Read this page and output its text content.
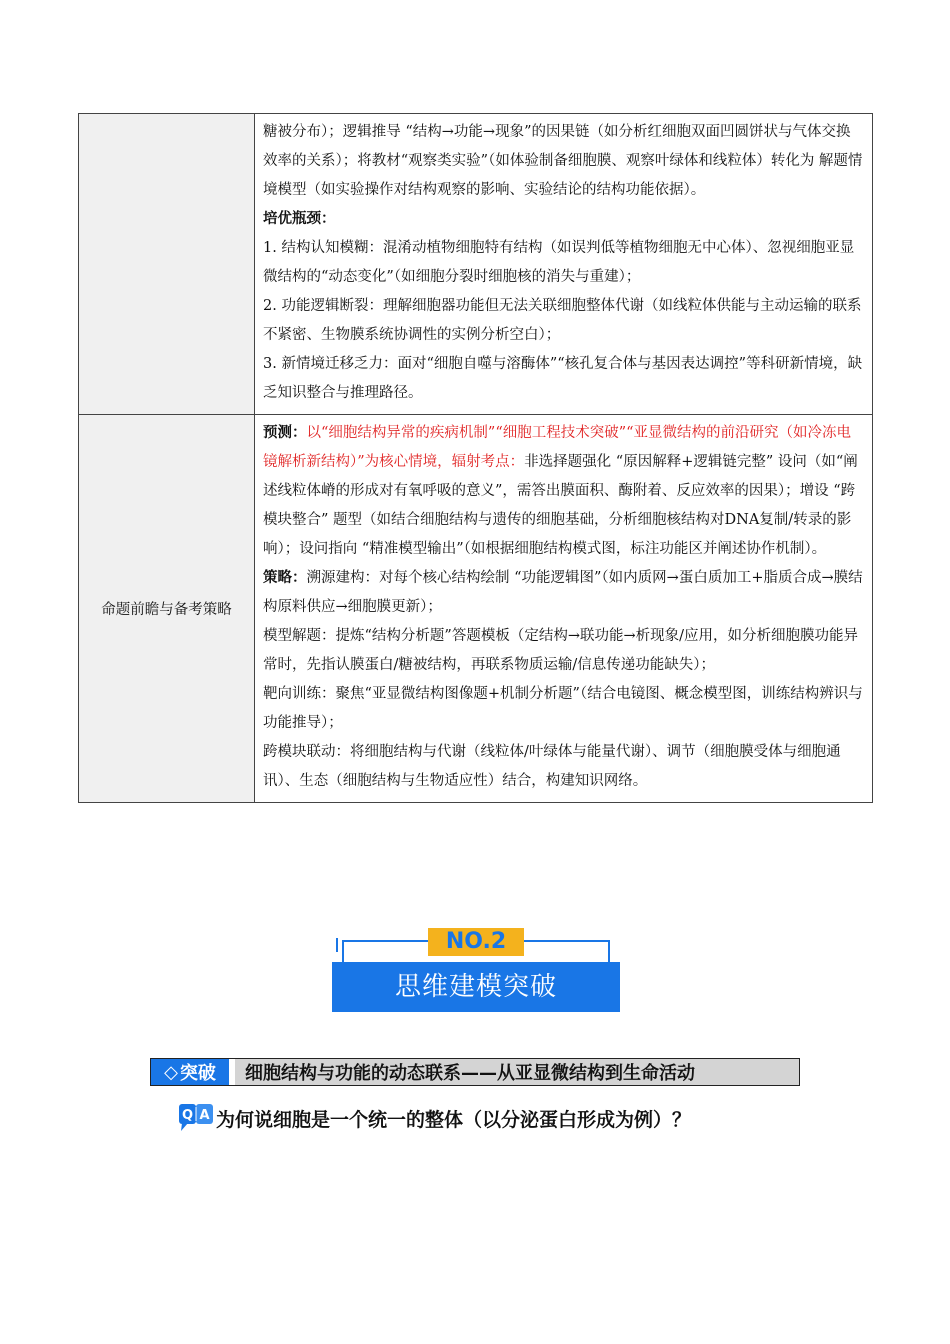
	糖被分布）；逻辑推导 “结构→功能→现象”的因果链（如分析红细胞双面凹圆饼状与气体交换效率的关系）；将教材“观察类实验”（如体验制备细胞膜、观察叶绿体和线粒体）转化为 解题情境模型（如实验操作对结构观察的影响、实验结论的结构功能依据）。

培优瓶颈：

1. 结构认知模糊：混淆动植物细胞特有结构（如误判低等植物细胞无中心体）、忽视细胞亚显微结构的“动态变化”（如细胞分裂时细胞核的消失与重建）；

2. 功能逻辑断裂：理解细胞器功能但无法关联细胞整体代谢（如线粒体供能与主动运输的联系不紧密、生物膜系统协调性的实例分析空白）；

3. 新情境迁移乏力：面对“细胞自噬与溶酶体”“核孔复合体与基因表达调控”等科研新情境，缺乏知识整合与推理路径。

命题前瞻与备考策略	预测：以“细胞结构异常的疾病机制”“细胞工程技术突破”“亚显微结构的前沿研究（如冷冻电镜解析新结构）”为核心情境，辐射考点：非选择题强化 “原因解释+逻辑链完整” 设问（如“阐述线粒体嵴的形成对有氧呼吸的意义”，需答出膜面积、酶附着、反应效率的因果）；增设 “跨模块整合” 题型（如结合细胞结构与遗传的细胞基础，分析细胞核结构对DNA复制/转录的影响）；设问指向 “精准模型输出”（如根据细胞结构模式图，标注功能区并阐述协作机制）。

策略：溯源建构：对每个核心结构绘制 “功能逻辑图”（如内质网→蛋白质加工+脂质合成→膜结构原料供应→细胞膜更新）；

模型解题：提炼“结构分析题”答题模板（定结构→联功能→析现象/应用，如分析细胞膜功能异常时，先指认膜蛋白/糖被结构，再联系物质运输/信息传递功能缺失）；

靶向训练：聚焦“亚显微结构图像题+机制分析题”（结合电镜图、概念模型图，训练结构辨识与功能推导）；

跨模块联动：将细胞结构与代谢（线粒体/叶绿体与能量代谢）、调节（细胞膜受体与细胞通讯）、生态（细胞结构与生物适应性）结合，构建知识网络。

思维建模突破
NO.2
◇ 突破	细胞结构与功能的动态联系——从亚显微结构到生命活动
Q A 为何说细胞是一个统一的整体（以分泌蛋白形成为例）？
